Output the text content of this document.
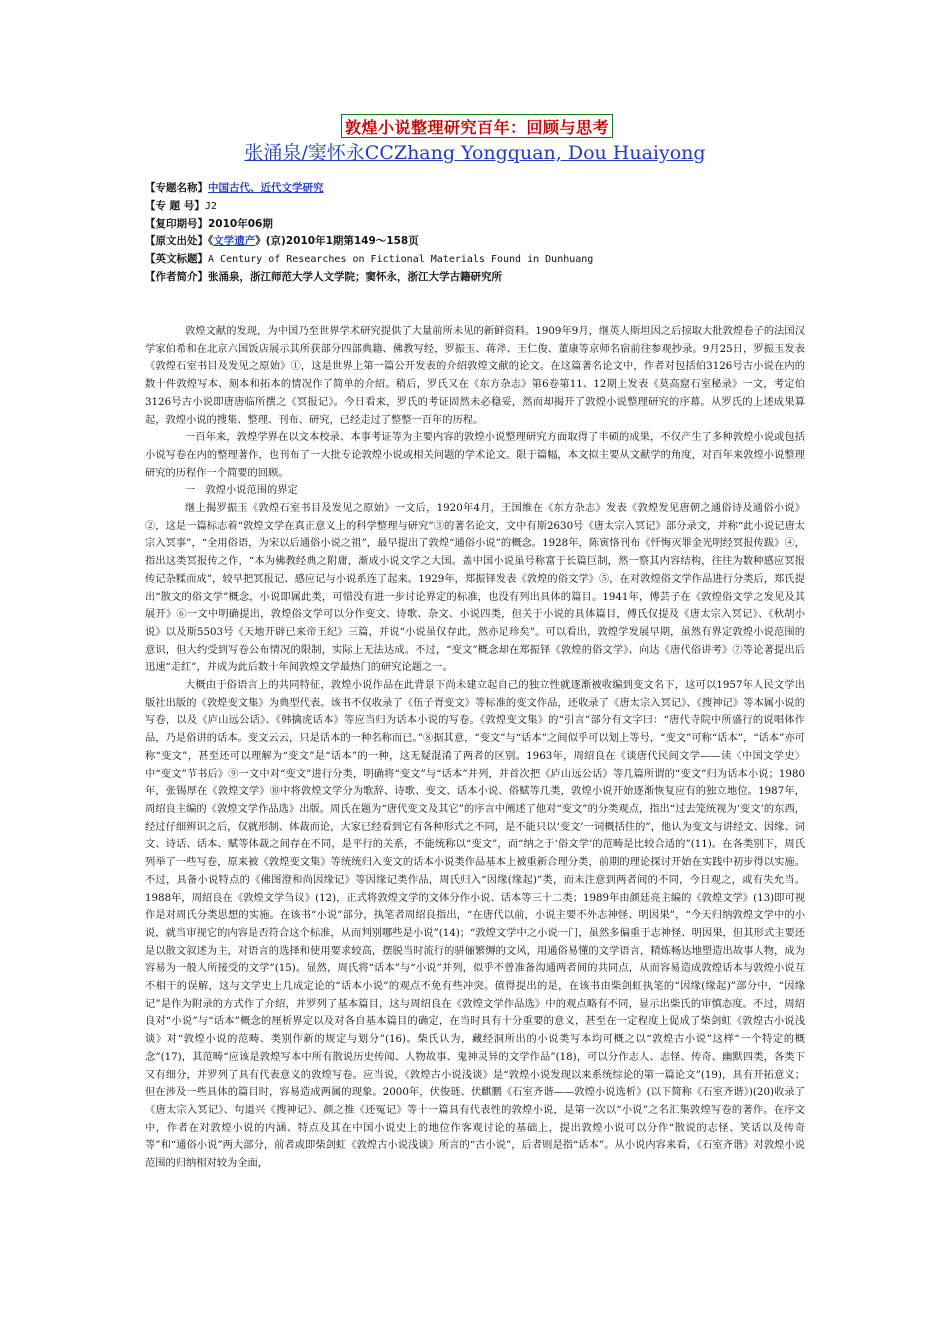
敦煌小说整理研究百年：回顾与思考
张涌泉/窦怀永CCZhang Yongquan, Dou Huaiyong
【专题名称】中国古代、近代文学研究
【专 题 号】J2
【复印期号】2010年06期
【原文出处】《文学遗产》(京)2010年1期第149～158页
【英文标题】A Century of Researches on Fictional Materials Found in Dunhuang
【作者简介】张涌泉，浙江师范大学人文学院；窦怀永，浙江大学古籍研究所

敦煌文献的发现，为中国乃至世界学术研究提供了大量前所未见的新鲜资料。1909年9月，继英人斯坦因之后掠取大批敦煌卷子的法国汉学家伯希和在北京六国饭店展示其所获部分四部典籍、佛教写经，罗振玉、蒋斧、王仁俊、董康等京师名宿前往参观抄录。9月25日，罗振玉发表《敦煌石室书目及发见之原始》①，这是世界上第一篇公开发表的介绍敦煌文献的论文。在这篇著名论文中，作者对包括伯3126号古小说在内的数十件敦煌写本、刻本和拓本的情况作了简单的介绍。稍后，罗氏又在《东方杂志》第6卷第11、12期上发表《莫高窟石室秘录》一文，考定伯3126号古小说即唐唐临所撰之《冥报记》。今日看来，罗氏的考证固然未必稳妥，然而却揭开了敦煌小说整理研究的序幕。从罗氏的上述成果算起，敦煌小说的搜集、整理、刊布、研究，已经走过了整整一百年的历程。

一百年来，敦煌学界在以文本校录、本事考证等为主要内容的敦煌小说整理研究方面取得了丰硕的成果，不仅产生了多种敦煌小说或包括小说写卷在内的整理著作，也刊布了一大批专论敦煌小说或相关问题的学术论文。限于篇幅，本文拟主要从文献学的角度，对百年来敦煌小说整理研究的历程作一个简要的回顾。

一　敦煌小说范围的界定

继上揭罗振玉《敦煌石室书目及发见之原始》一文后，1920年4月，王国维在《东方杂志》发表《敦煌发见唐朝之通俗诗及通俗小说》②，这是一篇标志着“敦煌文学在真正意义上的科学整理与研究”③的著名论文，文中有斯2630号《唐太宗入冥记》部分录文，并称“此小说记唐太宗入冥事”，“全用俗语，为宋以后通俗小说之祖”，最早提出了敦煌“通俗小说”的概念。1928年，陈寅恪刊布《忏悔灭罪金光明经冥报传跋》④，指出这类冥报传之作，“本为佛教经典之附庸，渐成小说文学之大国。盖中国小说虽号称富于长篇巨制，然一察其内容结构，往往为数种感应冥报传记杂糅而成”，较早把冥报记、感应记与小说系连了起来。1929年，郑振铎发表《敦煌的俗文学》⑤，在对敦煌俗文学作品进行分类后，郑氏提出“散文的俗文学”概念，小说即属此类，可惜没有进一步讨论界定的标准，也没有列出具体的篇目。1941年，傅芸子在《敦煌俗文学之发见及其展开》⑥一文中明确提出，敦煌俗文学可以分作变文、诗歌、杂文、小说四类，但关于小说的具体篇目，傅氏仅提及《唐太宗入冥记》、《秋胡小说》以及斯5503号《天地开辟已来帝王纪》三篇，并说“小说虽仅存此，然亦足珍矣”。可以看出，敦煌学发展早期，虽然有界定敦煌小说范围的意识，但大约受到写卷公布情况的限制，实际上无法达成。不过，“变文”概念却在郑振铎《敦煌的俗文学》、向达《唐代俗讲考》⑦等论著提出后迅速“走红”，并成为此后数十年间敦煌文学最热门的研究论题之一。

大概由于俗语言上的共同特征，敦煌小说作品在此背景下尚未建立起自己的独立性就逐渐被收编到变文名下，这可以1957年人民文学出版社出版的《敦煌变文集》为典型代表。该书不仅收录了《伍子胥变文》等标准的变文作品，还收录了《唐太宗入冥记》、《搜神记》等本属小说的写卷，以及《庐山远公话》、《韩擒虎话本》等应当归为话本小说的写卷。《敦煌变文集》的“引言”部分有文字曰：“唐代寺院中所盛行的说唱体作品，乃是俗讲的话本。变文云云，只是话本的一种名称而已。”⑧据其意，“变文”与“话本”之间似乎可以划上等号，“变文”可称“话本”，“话本”亦可称“变文”，甚至还可以理解为“变文”是“话本”的一种，这无疑混淆了两者的区别。1963年，周绍良在《谈唐代民间文学——读〈中国文学史〉中“变文”节书后》⑨一文中对“变文”进行分类，明确将“变文”与“话本”并列，并首次把《庐山远公话》等几篇所谓的“变文”归为话本小说；1980年，张锡厚在《敦煌文学》⑩中将敦煌文学分为歌辞、诗歌、变文、话本小说、俗赋等几类，敦煌小说开始逐渐恢复应有的独立地位。1987年，周绍良主编的《敦煌文学作品选》出版。周氏在题为“唐代变文及其它”的序言中阐述了他对“变文”的分类观点，指出“过去笼统视为‘变文’的东西，经过仔细辨识之后，仅就形制、体裁而论，大家已经看到它有各种形式之不同，是不能只以‘变文’一词概括住的”，他认为变文与讲经文、因缘、词文、诗话、话本、赋等体裁之间存在不同，是平行的关系，不能统称以“变文”，而“纳之于‘俗文学’的范畴是比较合适的”(11)。在各类别下，周氏列举了一些写卷，原来被《敦煌变文集》等统统归入变文的话本小说类作品基本上被重新合理分类，前期的理论探讨开始在实践中初步得以实施。不过，具备小说特点的《佛图澄和尚因缘记》等因缘记类作品，周氏归入“因缘(缘起)”类，而未注意到两者间的不同，今日观之，或有失允当。1988年，周绍良在《敦煌文学刍议》(12)，正式将敦煌文学的文体分作小说、话本等三十二类；1989年由颜廷亮主编的《敦煌文学》(13)即可视作是对周氏分类思想的实施。在该书“小说”部分，执笔者周绍良指出，“在唐代以前，小说主要不外志神怪、明因果”，“今天归纳敦煌文学中的小说，就当审视它的内容是否符合这个标准，从而判别哪些是小说”(14)；“敦煌文学中之小说一门，虽然多偏重于志神怪、明因果，但其形式主要还是以散文叙述为主，对语言的选择和使用要求较高，摆脱当时流行的骈俪繁缛的文风，用通俗易懂的文学语言，精炼畅达地塑造出故事人物，成为容易为一般人所接受的文学”(15)。显然，周氏将“话本”与“小说”并列，似乎不曾准备沟通两者间的共同点，从而容易造成敦煌话本与敦煌小说互不相干的误解，这与文学史上几成定论的“话本小说”的观点不免有些冲突。值得提出的是，在该书由柴剑虹执笔的“因缘(缘起)”部分中，“因缘记”是作为附录的方式作了介绍，并罗列了基本篇目，这与周绍良在《敦煌文学作品选》中的观点略有不同，显示出柴氏的审慎态度。不过，周绍良对“小说”与“话本”概念的厘析界定以及对各自基本篇目的确定，在当时具有十分重要的意义，甚至在一定程度上促成了柴剑虹《敦煌古小说浅谈》对“敦煌小说的范畴、类别作新的规定与划分”(16)。柴氏认为，藏经洞所出的小说类写本均可概之以“敦煌古小说”这样“一个特定的概念”(17)，其范畴“应该是敦煌写本中所有散说历史传闻、人物故事、鬼神灵异的文学作品”(18)，可以分作志人、志怪、传奇、幽默四类，各类下又有细分，并罗列了具有代表意义的敦煌写卷。应当说，《敦煌古小说浅谈》是“敦煌小说发现以来系统综论的第一篇论文”(19)，具有开拓意义；但在涉及一些具体的篇目时，容易造成两属的现象。2000年，伏俊琏、伏麒鹏《石室齐谐——敦煌小说选析》(以下简称《石室齐谐》)(20)收录了《唐太宗入冥记》、句道兴《搜神记》、颜之推《还冤记》等十一篇具有代表性的敦煌小说，是第一次以“小说”之名汇集敦煌写卷的著作。在序文中，作者在对敦煌小说的内涵、特点及其在中国小说史上的地位作客观讨论的基础上，提出敦煌小说可以分作“散说的志怪、笑话以及传奇等”和“通俗小说”两大部分，前者或即柴剑虹《敦煌古小说浅谈》所言的“古小说”，后者则是指“话本”。从小说内容来看，《石室齐谐》对敦煌小说范围的归纳相对较为全面，
